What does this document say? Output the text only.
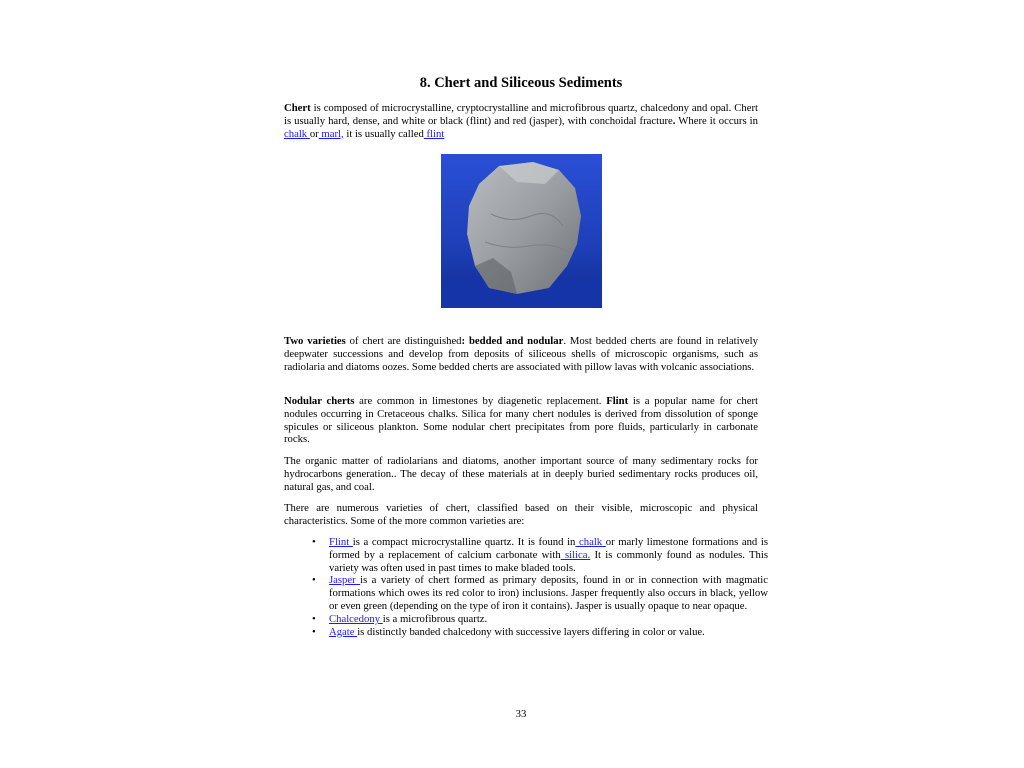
8. Chert and Siliceous Sediments

Chert is composed of microcrystalline, cryptocrystalline and microfibrous quartz, chalcedony and opal. Chert is usually hard, dense, and white or black (flint) and red (jasper), with conchoidal fracture. Where it occurs in chalk or marl, it is usually called flint

Two varieties of chert are distinguished: bedded and nodular. Most bedded cherts are found in relatively deepwater successions and develop from deposits of siliceous shells of microscopic organisms, such as radiolaria and diatoms oozes. Some bedded cherts are associated with pillow lavas with volcanic associations.

Nodular cherts are common in limestones by diagenetic replacement. Flint is a popular name for chert nodules occurring in Cretaceous chalks. Silica for many chert nodules is derived from dissolution of sponge spicules or siliceous plankton. Some nodular chert precipitates from pore fluids, particularly in carbonate rocks.

The organic matter of radiolarians and diatoms, another important source of many sedimentary rocks for hydrocarbons generation.. The decay of these materials at in deeply buried sedimentary rocks produces oil, natural gas, and coal.

There are numerous varieties of chert, classified based on their visible, microscopic and physical characteristics. Some of the more common varieties are:

• Flint is a compact microcrystalline quartz. It is found in chalk or marly limestone formations and is formed by a replacement of calcium carbonate with silica. It is commonly found as nodules. This variety was often used in past times to make bladed tools.
• Jasper is a variety of chert formed as primary deposits, found in or in connection with magmatic formations which owes its red color to iron) inclusions. Jasper frequently also occurs in black, yellow or even green (depending on the type of iron it contains). Jasper is usually opaque to near opaque.
• Chalcedony is a microfibrous quartz.
• Agate is distinctly banded chalcedony with successive layers differing in color or value.
33
